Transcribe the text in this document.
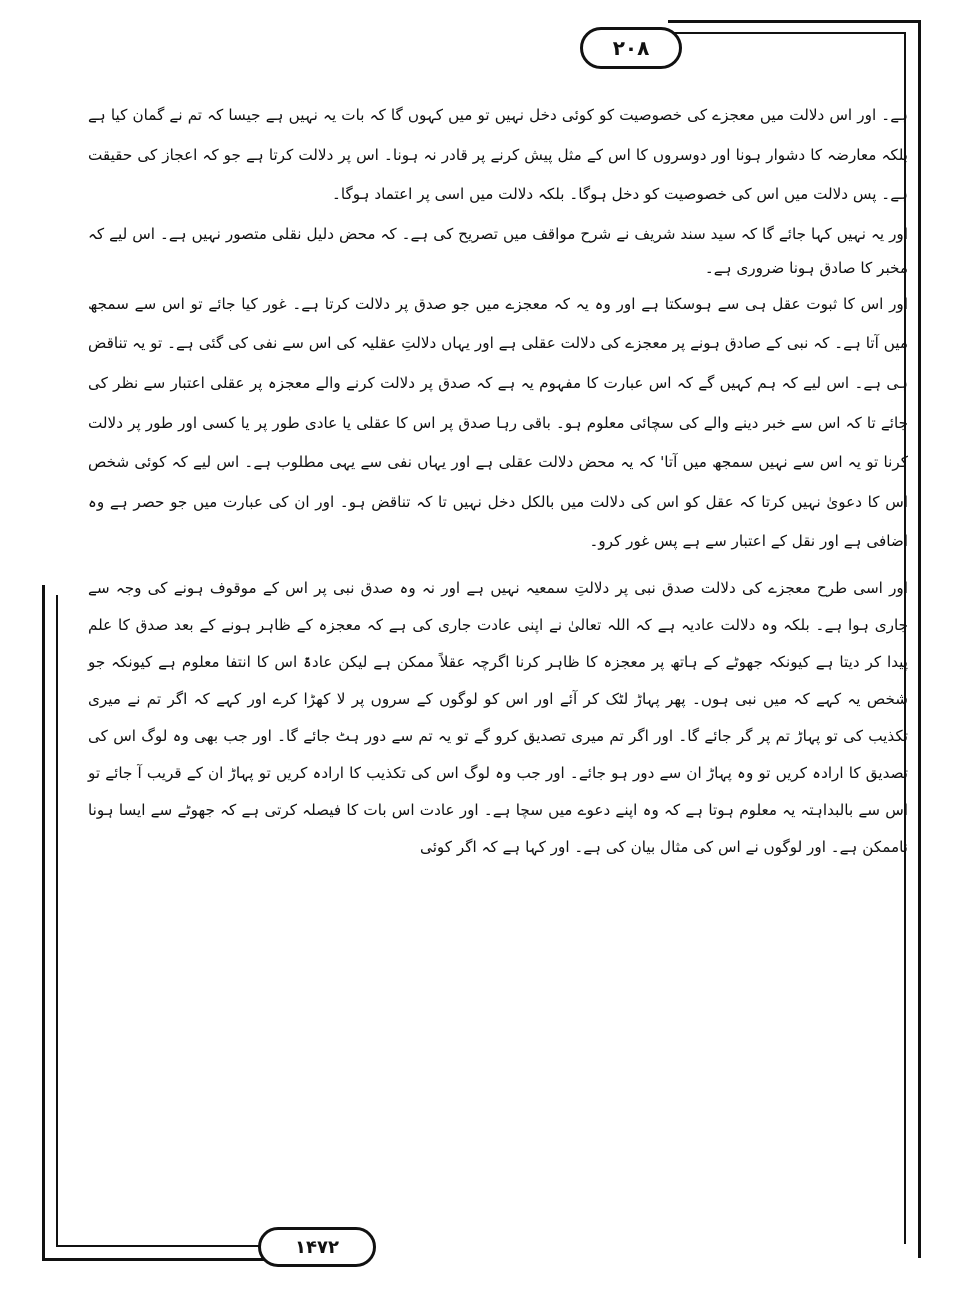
۲۰۸

ہے۔ اور اس دلالت میں معجزے کی خصوصیت کو کوئی دخل نہیں تو میں کہوں گا کہ بات یہ نہیں ہے جیسا کہ تم نے گمان کیا ہے بلکہ معارضہ کا دشوار ہونا اور دوسروں کا اس کے مثل پیش کرنے پر قادر نہ ہونا۔ اس پر دلالت کرتا ہے جو کہ اعجاز کی حقیقت ہے۔ پس دلالت میں اس کی خصوصیت کو دخل ہوگا۔ بلکہ دلالت میں اسی پر اعتماد ہوگا۔

اور یہ نہیں کہا جائے گا کہ سید سند شریف نے شرح مواقف میں تصریح کی ہے۔ کہ محض دلیل نقلی متصور نہیں ہے۔ اس لیے کہ مخبر کا صادق ہونا ضروری ہے۔

اور اس کا ثبوت عقل ہی سے ہوسکتا ہے اور وہ یہ کہ معجزے میں جو صدق پر دلالت کرتا ہے۔ غور کیا جائے تو اس سے سمجھ میں آتا ہے۔ کہ نبی کے صادق ہونے پر معجزے کی دلالت عقلی ہے اور یہاں دلالتِ عقلیہ کی اس سے نفی کی گئی ہے۔ تو یہ تناقض ہی ہے۔ اس لیے کہ ہم کہیں گے کہ اس عبارت کا مفہوم یہ ہے کہ صدق پر دلالت کرنے والے معجزہ پر عقلی اعتبار سے نظر کی جائے تا کہ اس سے خبر دینے والے کی سچائی معلوم ہو۔ باقی رہا صدق پر اس کا عقلی یا عادی طور پر یا کسی اور طور پر دلالت کرنا تو یہ اس سے نہیں سمجھ میں آتا' کہ یہ محض دلالت عقلی ہے اور یہاں نفی سے یہی مطلوب ہے۔ اس لیے کہ کوئی شخص اس کا دعویٰ نہیں کرتا کہ عقل کو اس کی دلالت میں بالکل دخل نہیں تا کہ تناقض ہو۔ اور ان کی عبارت میں جو حصر ہے وہ اضافی ہے اور نقل کے اعتبار سے ہے پس غور کرو۔

اور اسی طرح معجزے کی دلالت صدق نبی پر دلالتِ سمعیہ نہیں ہے اور نہ وہ صدق نبی پر اس کے موقوف ہونے کی وجہ سے جاری ہوا ہے۔ بلکہ وہ دلالت عادیہ ہے کہ اللہ تعالیٰ نے اپنی عادت جاری کی ہے کہ معجزہ کے ظاہر ہونے کے بعد صدق کا علم پیدا کر دیتا ہے کیونکہ جھوٹے کے ہاتھ پر معجزہ کا ظاہر کرنا اگرچہ عقلاً ممکن ہے لیکن عادۃً اس کا انتفا معلوم ہے کیونکہ جو شخص یہ کہے کہ میں نبی ہوں۔ پھر پہاڑ لٹک کر آئے اور اس کو لوگوں کے سروں پر لا کھڑا کرے اور کہے کہ اگر تم نے میری تکذیب کی تو پہاڑ تم پر گر جائے گا۔ اور اگر تم میری تصدیق کرو گے تو یہ تم سے دور ہٹ جائے گا۔ اور جب بھی وہ لوگ اس کی تصدیق کا ارادہ کریں تو وہ پہاڑ ان سے دور ہو جائے۔ اور جب وہ لوگ اس کی تکذیب کا ارادہ کریں تو پہاڑ ان کے قریب آ جائے تو اس سے بالبداہتہ یہ معلوم ہوتا ہے کہ وہ اپنے دعوے میں سچا ہے۔ اور عادت اس بات کا فیصلہ کرتی ہے کہ جھوٹے سے ایسا ہونا ناممکن ہے۔ اور لوگوں نے اس کی مثال بیان کی ہے۔ اور کہا ہے کہ اگر کوئی

۱۴۷۲
